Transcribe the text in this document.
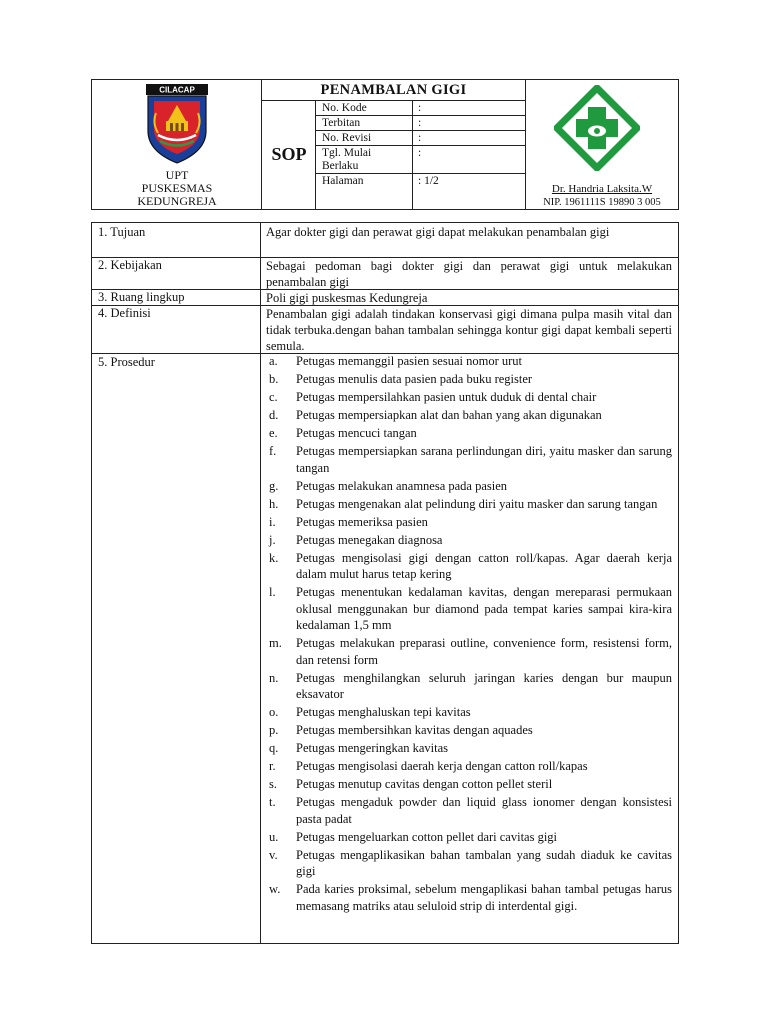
CILACAP
UPT
PUSKESMAS
KEDUNGREJA
PENAMBALAN GIGI
SOP
No. Kode	:
Terbitan	:
No. Revisi	:
Tgl. Mulai Berlaku
:
Halaman	: 1/2
Dr. Handria Laksita.W
NIP. 1961111S 19890 3 005
1. Tujuan	Agar dokter gigi dan perawat gigi dapat melakukan penambalan gigi
2. Kebijakan	Sebagai pedoman bagi dokter gigi dan perawat gigi untuk melakukan penambalan gigi
3. Ruang lingkup	Poli gigi puskesmas Kedungreja
4. Definisi	Penambalan gigi adalah tindakan konservasi gigi dimana pulpa masih vital dan tidak terbuka.dengan bahan tambalan sehingga kontur gigi dapat kembali seperti semula.
5. Prosedur	a. Petugas memanggil pasien sesuai nomor urut
b. Petugas menulis data pasien pada buku register
c. Petugas mempersilahkan pasien untuk duduk di dental chair
d. Petugas mempersiapkan alat dan bahan yang akan digunakan
e. Petugas mencuci tangan
f. Petugas mempersiapkan sarana perlindungan diri, yaitu masker dan sarung tangan
g. Petugas melakukan anamnesa pada pasien
h. Petugas mengenakan alat pelindung diri yaitu masker dan sarung tangan
i. Petugas memeriksa pasien
j. Petugas menegakan diagnosa
k. Petugas mengisolasi gigi dengan catton roll/kapas. Agar daerah kerja dalam mulut harus tetap kering
l. Petugas menentukan kedalaman kavitas, dengan mereparasi permukaan oklusal menggunakan bur diamond pada tempat karies sampai kira-kira kedalaman 1,5 mm
m. Petugas melakukan preparasi outline, convenience form, resistensi form, dan retensi form
n. Petugas menghilangkan seluruh jaringan karies dengan bur maupun eksavator
o. Petugas menghaluskan tepi kavitas
p. Petugas membersihkan kavitas dengan aquades
q. Petugas mengeringkan kavitas
r. Petugas mengisolasi daerah kerja dengan catton roll/kapas
s. Petugas menutup cavitas dengan cotton pellet steril
t. Petugas mengaduk powder dan liquid glass ionomer dengan konsistesi pasta padat
u. Petugas mengeluarkan cotton pellet dari cavitas gigi
v. Petugas mengaplikasikan bahan tambalan yang sudah diaduk ke cavitas gigi
w. Pada karies proksimal, sebelum mengaplikasi bahan tambal petugas harus memasang matriks atau seluloid strip di interdental gigi.
